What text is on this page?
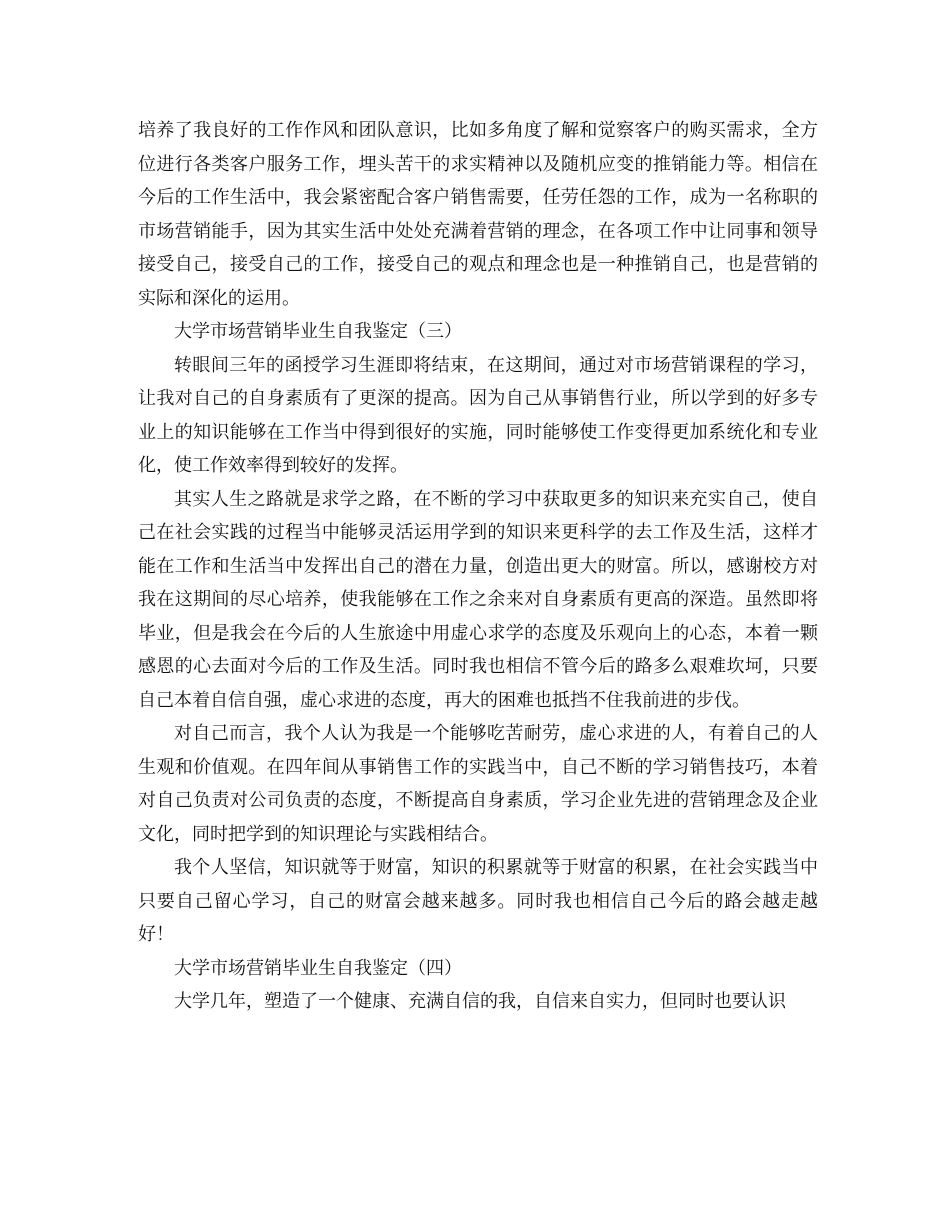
培养了我良好的工作作风和团队意识，比如多角度了解和觉察客户的购买需求，全方位进行各类客户服务工作，埋头苦干的求实精神以及随机应变的推销能力等。相信在今后的工作生活中，我会紧密配合客户销售需要，任劳任怨的工作，成为一名称职的市场营销能手，因为其实生活中处处充满着营销的理念，在各项工作中让同事和领导接受自己，接受自己的工作，接受自己的观点和理念也是一种推销自己，也是营销的实际和深化的运用。

大学市场营销毕业生自我鉴定（三）

转眼间三年的函授学习生涯即将结束，在这期间，通过对市场营销课程的学习，让我对自己的自身素质有了更深的提高。因为自己从事销售行业，所以学到的好多专业上的知识能够在工作当中得到很好的实施，同时能够使工作变得更加系统化和专业化，使工作效率得到较好的发挥。

其实人生之路就是求学之路，在不断的学习中获取更多的知识来充实自己，使自己在社会实践的过程当中能够灵活运用学到的知识来更科学的去工作及生活，这样才能在工作和生活当中发挥出自己的潜在力量，创造出更大的财富。所以，感谢校方对我在这期间的尽心培养，使我能够在工作之余来对自身素质有更高的深造。虽然即将毕业，但是我会在今后的人生旅途中用虚心求学的态度及乐观向上的心态，本着一颗感恩的心去面对今后的工作及生活。同时我也相信不管今后的路多么艰难坎坷，只要自己本着自信自强，虚心求进的态度，再大的困难也抵挡不住我前进的步伐。

对自己而言，我个人认为我是一个能够吃苦耐劳，虚心求进的人，有着自己的人生观和价值观。在四年间从事销售工作的实践当中，自己不断的学习销售技巧，本着对自己负责对公司负责的态度，不断提高自身素质，学习企业先进的营销理念及企业文化，同时把学到的知识理论与实践相结合。

我个人坚信，知识就等于财富，知识的积累就等于财富的积累，在社会实践当中只要自己留心学习，自己的财富会越来越多。同时我也相信自己今后的路会越走越好！

大学市场营销毕业生自我鉴定（四）

大学几年，塑造了一个健康、充满自信的我，自信来自实力，但同时也要认识
